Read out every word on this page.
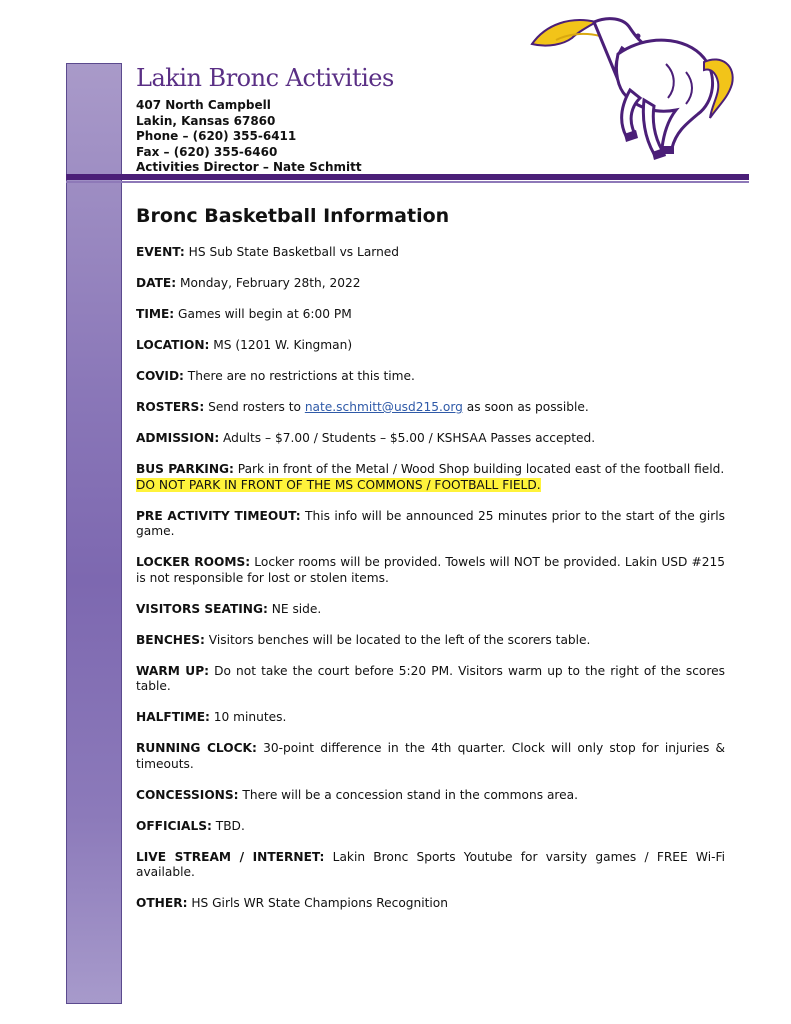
Lakin Bronc Activities
407 North Campbell
Lakin, Kansas 67860
Phone – (620) 355-6411
Fax – (620) 355-6460
Activities Director – Nate Schmitt
Bronc Basketball Information

EVENT: HS Sub State Basketball vs Larned

DATE: Monday, February 28th, 2022

TIME: Games will begin at 6:00 PM

LOCATION: MS (1201 W. Kingman)

COVID: There are no restrictions at this time.

ROSTERS: Send rosters to nate.schmitt@usd215.org as soon as possible.

ADMISSION: Adults – $7.00 / Students – $5.00 / KSHSAA Passes accepted.

BUS PARKING: Park in front of the Metal / Wood Shop building located east of the football field.
DO NOT PARK IN FRONT OF THE MS COMMONS / FOOTBALL FIELD.

PRE ACTIVITY TIMEOUT: This info will be announced 25 minutes prior to the start of the girls game.

LOCKER ROOMS: Locker rooms will be provided. Towels will NOT be provided. Lakin USD #215 is not responsible for lost or stolen items.

VISITORS SEATING: NE side.

BENCHES: Visitors benches will be located to the left of the scorers table.

WARM UP: Do not take the court before 5:20 PM. Visitors warm up to the right of the scores table.

HALFTIME: 10 minutes.

RUNNING CLOCK: 30-point difference in the 4th quarter. Clock will only stop for injuries & timeouts.

CONCESSIONS: There will be a concession stand in the commons area.

OFFICIALS: TBD.

LIVE STREAM / INTERNET: Lakin Bronc Sports Youtube for varsity games / FREE Wi-Fi available.

OTHER: HS Girls WR State Champions Recognition
